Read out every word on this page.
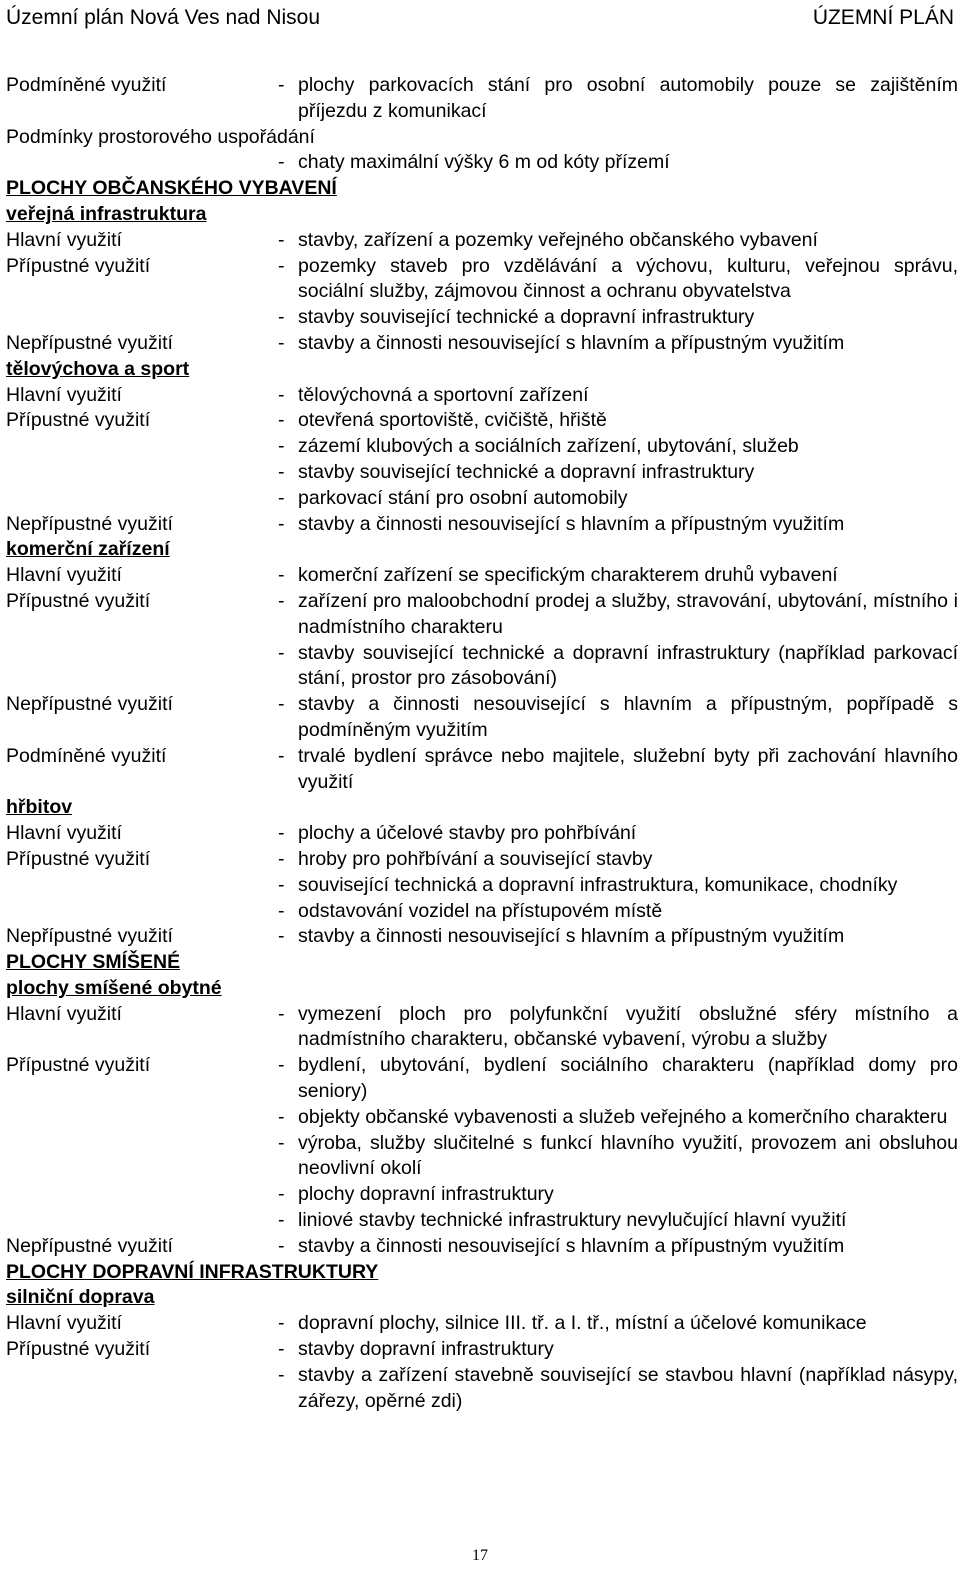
Územní plán Nová Ves nad Nisou	ÚZEMNÍ PLÁN
Podmíněné využití	- plochy parkovacích stání pro osobní automobily pouze se zajištěním příjezdu z komunikací
Podmínky prostorového uspořádání
- chaty maximální výšky 6 m od kóty přízemí
PLOCHY OBČANSKÉHO VYBAVENÍ
veřejná infrastruktura
Hlavní využití	- stavby, zařízení a pozemky veřejného občanského vybavení
Přípustné využití	- pozemky staveb pro vzdělávání a výchovu, kulturu, veřejnou správu, sociální služby, zájmovou činnost a ochranu obyvatelstva
- stavby související technické a dopravní infrastruktury
Nepřípustné využití	- stavby a činnosti nesouvisející s hlavním a přípustným využitím
tělovýchova a sport
Hlavní využití	- tělovýchovná a sportovní zařízení
Přípustné využití	- otevřená sportoviště, cvičiště, hřiště
- zázemí klubových a sociálních zařízení, ubytování, služeb
- stavby související technické a dopravní infrastruktury
- parkovací stání pro osobní automobily
Nepřípustné využití	- stavby a činnosti nesouvisející s hlavním a přípustným využitím
komerční zařízení
Hlavní využití	- komerční zařízení se specifickým charakterem druhů vybavení
Přípustné využití	- zařízení pro maloobchodní prodej a služby, stravování, ubytování, místního i nadmístního charakteru
- stavby související technické a dopravní infrastruktury (například parkovací stání, prostor pro zásobování)
Nepřípustné využití	- stavby a činnosti nesouvisející s hlavním a přípustným, popřípadě s podmíněným využitím
Podmíněné využití	- trvalé bydlení správce nebo majitele, služební byty při zachování hlavního využití
hřbitov
Hlavní využití	- plochy a účelové stavby pro pohřbívání
Přípustné využití	- hroby pro pohřbívání a související stavby
- související technická a dopravní infrastruktura, komunikace, chodníky
- odstavování vozidel na přístupovém místě
Nepřípustné využití	- stavby a činnosti nesouvisející s hlavním a přípustným využitím
PLOCHY SMÍŠENÉ
plochy smíšené obytné
Hlavní využití	- vymezení ploch pro polyfunkční využití obslužné sféry místního a nadmístního charakteru, občanské vybavení, výrobu a služby
Přípustné využití	- bydlení, ubytování, bydlení sociálního charakteru (například domy pro seniory)
- objekty občanské vybavenosti a služeb veřejného a komerčního charakteru
- výroba, služby slučitelné s funkcí hlavního využití, provozem ani obsluhou neovlivní okolí
- plochy dopravní infrastruktury
- liniové stavby technické infrastruktury nevylučující hlavní využití
Nepřípustné využití	- stavby a činnosti nesouvisející s hlavním a přípustným využitím
PLOCHY DOPRAVNÍ INFRASTRUKTURY
silniční doprava
Hlavní využití	- dopravní plochy, silnice III. tř. a I. tř., místní a účelové komunikace
Přípustné využití	- stavby dopravní infrastruktury
- stavby a zařízení stavebně související se stavbou hlavní (například násypy, zářezy, opěrné zdi)
17
